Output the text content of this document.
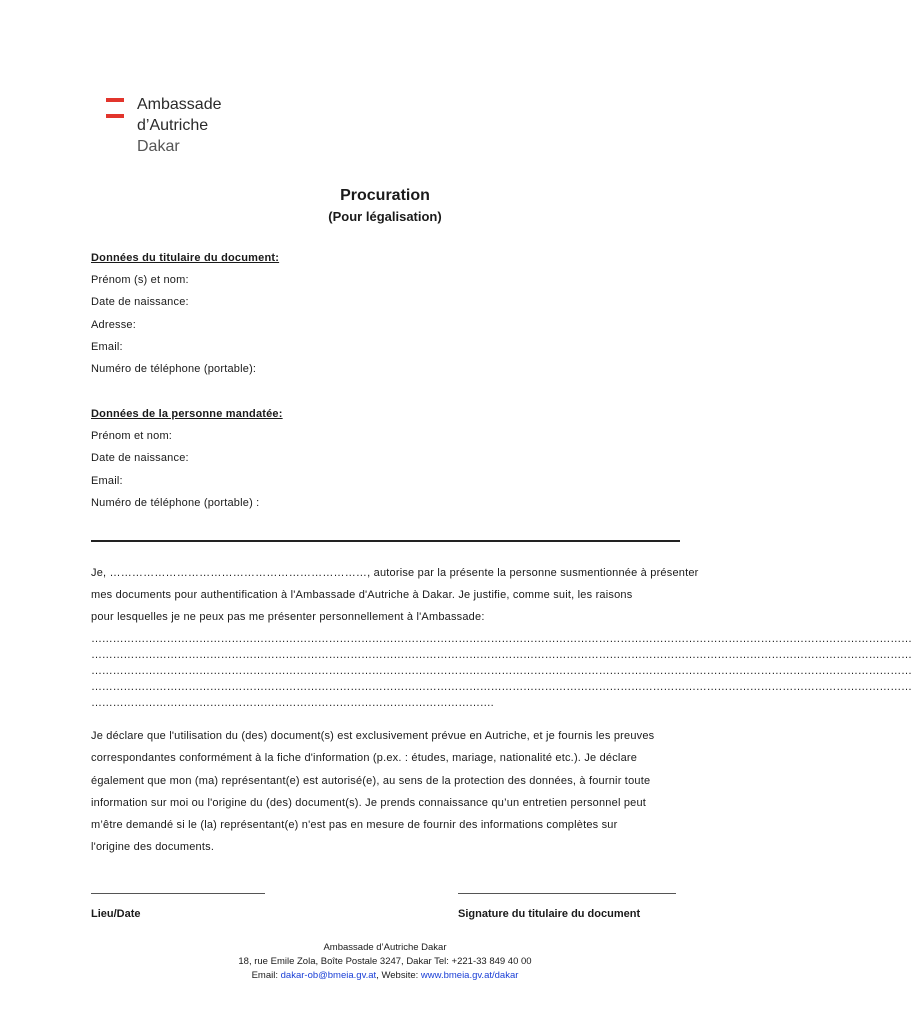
Ambassade
d’Autriche
Dakar
Procuration
(Pour légalisation)
Données du titulaire du document:
Prénom (s) et nom:
Date de naissance:
Adresse:
Email:
Numéro de téléphone (portable):
Données de la personne mandatée:
Prénom et nom:
Date de naissance:
Email:
Numéro de téléphone (portable) :
Je, ……………………………………………………………, autorise par la présente la personne susmentionnée à présenter
mes documents pour authentification à l'Ambassade d'Autriche à Dakar. Je justifie, comme suit, les raisons
pour lesquelles je ne peux pas me présenter personnellement à l'Ambassade:
…………………………………………………………………………………………………………………………………………………………………………………………………………
…………………………………………………………………………………………………………………………………………………………………………………………………………
…………………………………………………………………………………………………………………………………………………………………………………………………………
…………………………………………………………………………………………………………………………………………………………………………………………………………
………………………………………………………………………………………………….
Je déclare que l'utilisation du (des) document(s) est exclusivement prévue en Autriche, et je fournis les preuves
correspondantes conformément à la fiche d'information (p.ex. : études, mariage, nationalité etc.). Je déclare
également que mon (ma) représentant(e) est autorisé(e), au sens de la protection des données, à fournir toute
information sur moi ou l'origine du (des) document(s). Je prends connaissance qu’un entretien personnel peut
m’être demandé si le (la) représentant(e) n'est pas en mesure de fournir des informations complètes sur
l'origine des documents.
Lieu/Date	Signature du titulaire du document
Ambassade d’Autriche Dakar
18, rue Emile Zola, Boîte Postale 3247, Dakar Tel: +221-33 849 40 00
Email: dakar-ob@bmeia.gv.at, Website: www.bmeia.gv.at/dakar
